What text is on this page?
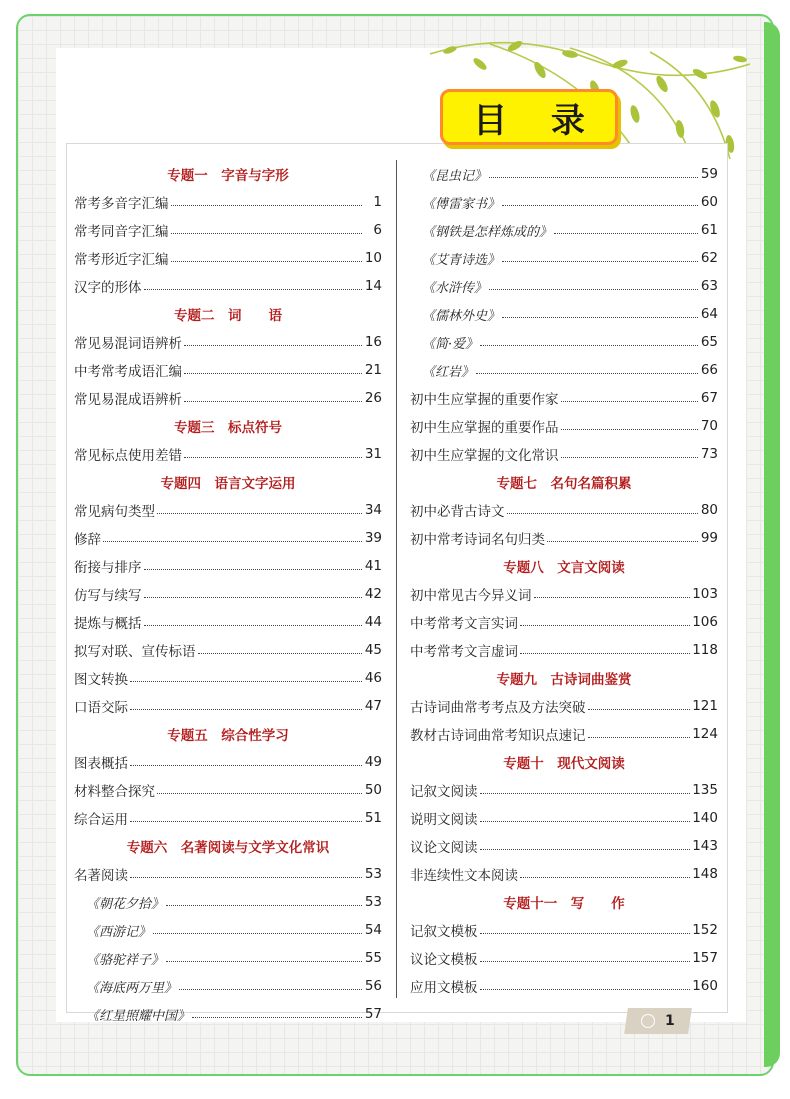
目 录
专题一　字音与字形
常考多音字汇编	1
常考同音字汇编	6
常考形近字汇编	10
汉字的形体	14
专题二　词　　语
常见易混词语辨析	16
中考常考成语汇编	21
常见易混成语辨析	26
专题三　标点符号
常见标点使用差错	31
专题四　语言文字运用
常见病句类型	34
修辞	39
衔接与排序	41
仿写与续写	42
提炼与概括	44
拟写对联、宣传标语	45
图文转换	46
口语交际	47
专题五　综合性学习
图表概括	49
材料整合探究	50
综合运用	51
专题六　名著阅读与文学文化常识
名著阅读	53
《朝花夕拾》	53
《西游记》	54
《骆驼祥子》	55
《海底两万里》	56
《红星照耀中国》	57
《昆虫记》	59
《傅雷家书》	60
《钢铁是怎样炼成的》	61
《艾青诗选》	62
《水浒传》	63
《儒林外史》	64
《简·爱》	65
《红岩》	66
初中生应掌握的重要作家	67
初中生应掌握的重要作品	70
初中生应掌握的文化常识	73
专题七　名句名篇积累
初中必背古诗文	80
初中常考诗词名句归类	99
专题八　文言文阅读
初中常见古今异义词	103
中考常考文言实词	106
中考常考文言虚词	118
专题九　古诗词曲鉴赏
古诗词曲常考考点及方法突破	121
教材古诗词曲常考知识点速记	124
专题十　现代文阅读
记叙文阅读	135
说明文阅读	140
议论文阅读	143
非连续性文本阅读	148
专题十一　写　　作
记叙文模板	152
议论文模板	157
应用文模板	160
1
